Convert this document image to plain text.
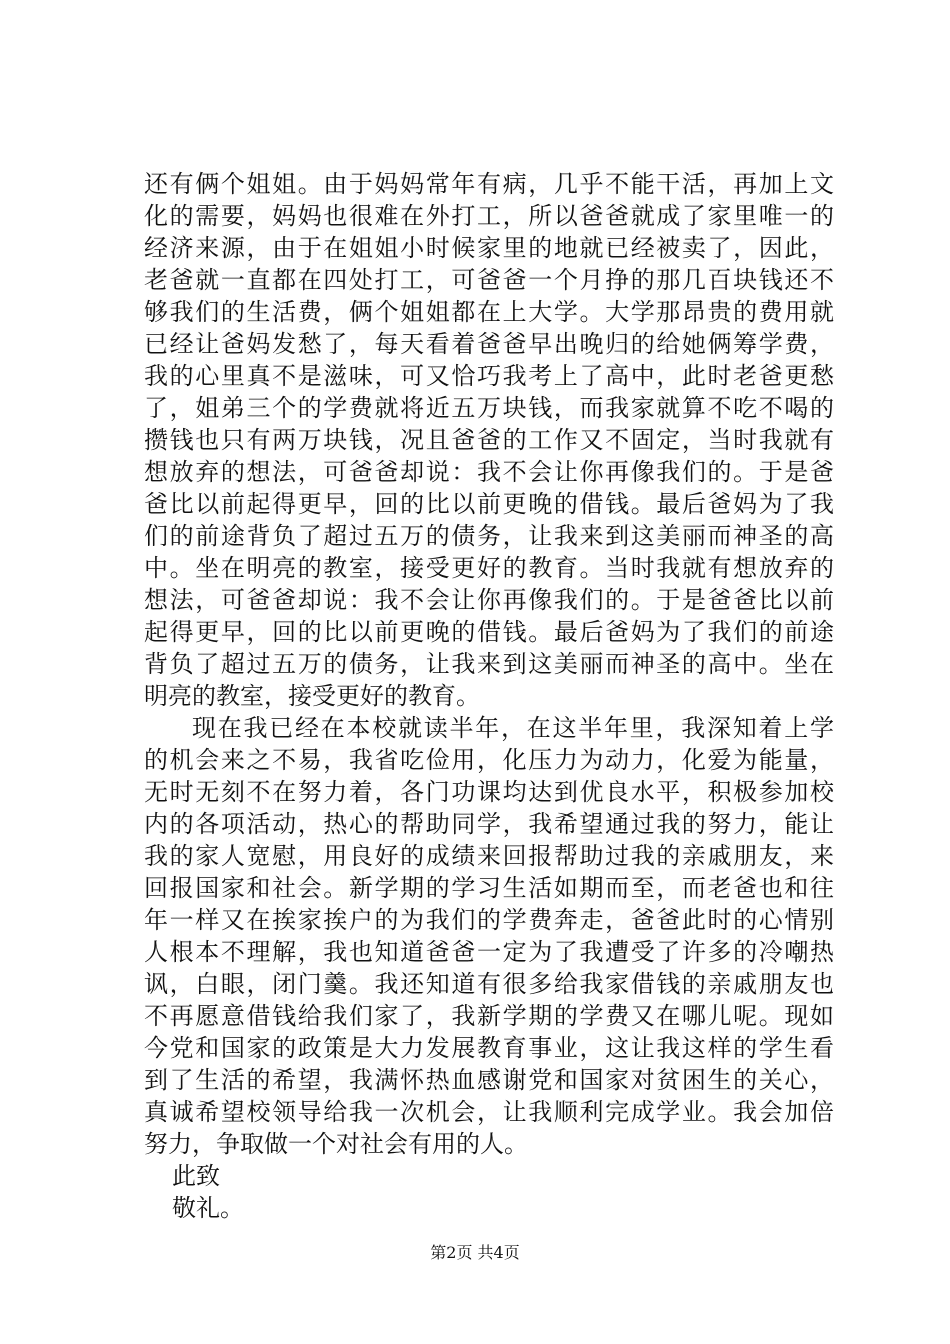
还有俩个姐姐。由于妈妈常年有病，几乎不能干活，再加上文
化的需要，妈妈也很难在外打工，所以爸爸就成了家里唯一的
经济来源，由于在姐姐小时候家里的地就已经被卖了，因此，
老爸就一直都在四处打工，可爸爸一个月挣的那几百块钱还不
够我们的生活费，俩个姐姐都在上大学。大学那昂贵的费用就
已经让爸妈发愁了，每天看着爸爸早出晚归的给她俩筹学费，
我的心里真不是滋味，可又恰巧我考上了高中，此时老爸更愁
了，姐弟三个的学费就将近五万块钱，而我家就算不吃不喝的
攒钱也只有两万块钱，况且爸爸的工作又不固定，当时我就有
想放弃的想法，可爸爸却说：我不会让你再像我们的。于是爸
爸比以前起得更早，回的比以前更晚的借钱。最后爸妈为了我
们的前途背负了超过五万的债务，让我来到这美丽而神圣的高
中。坐在明亮的教室，接受更好的教育。当时我就有想放弃的
想法，可爸爸却说：我不会让你再像我们的。于是爸爸比以前
起得更早，回的比以前更晚的借钱。最后爸妈为了我们的前途
背负了超过五万的债务，让我来到这美丽而神圣的高中。坐在
明亮的教室，接受更好的教育。
现在我已经在本校就读半年，在这半年里，我深知着上学
的机会来之不易，我省吃俭用，化压力为动力，化爱为能量，
无时无刻不在努力着，各门功课均达到优良水平，积极参加校
内的各项活动，热心的帮助同学，我希望通过我的努力，能让
我的家人宽慰，用良好的成绩来回报帮助过我的亲戚朋友，来
回报国家和社会。新学期的学习生活如期而至，而老爸也和往
年一样又在挨家挨户的为我们的学费奔走，爸爸此时的心情别
人根本不理解，我也知道爸爸一定为了我遭受了许多的冷嘲热
讽，白眼，闭门羹。我还知道有很多给我家借钱的亲戚朋友也
不再愿意借钱给我们家了，我新学期的学费又在哪儿呢。现如
今党和国家的政策是大力发展教育事业，这让我这样的学生看
到了生活的希望，我满怀热血感谢党和国家对贫困生的关心，
真诚希望校领导给我一次机会，让我顺利完成学业。我会加倍
努力，争取做一个对社会有用的人。
此致
敬礼。
第2页 共4页
